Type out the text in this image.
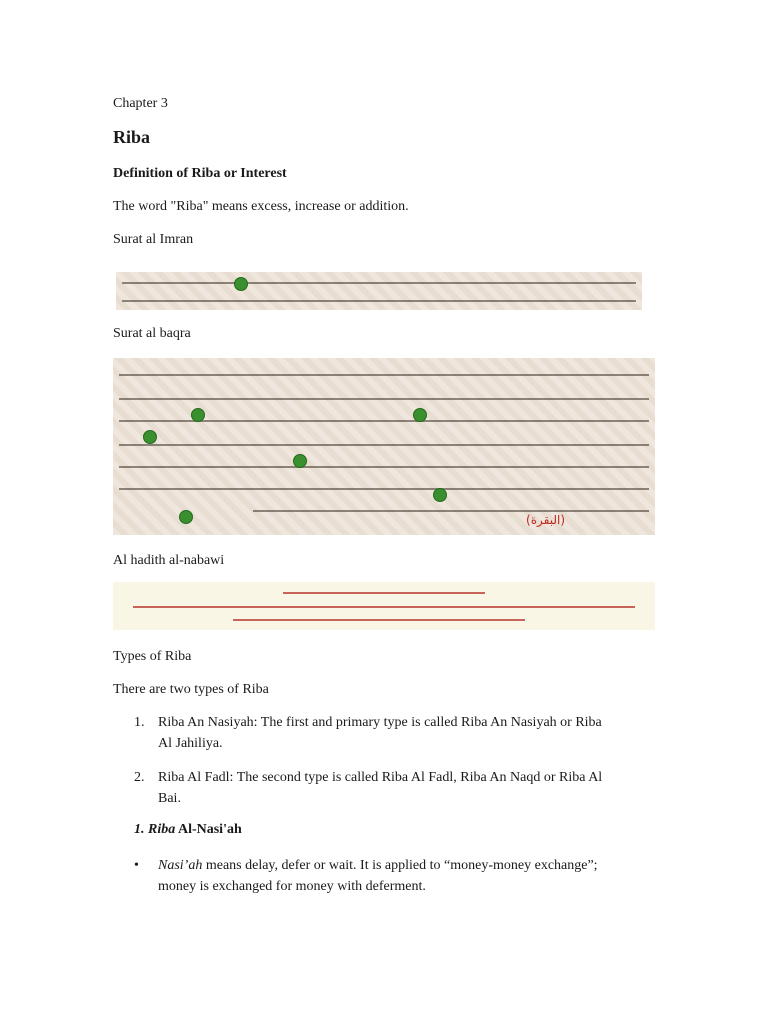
Chapter 3
Riba
Definition of Riba or Interest
The word "Riba" means excess, increase or addition.
Surat al Imran
Surat al baqra
(البقرة)
Al hadith al-nabawi
Types of Riba
There are two types of Riba
1. Riba An Nasiyah: The first and primary type is called Riba An Nasiyah or Riba
Al Jahiliya.
2. Riba Al Fadl: The second type is called Riba Al Fadl, Riba An Naqd or Riba Al
Bai.
1. Riba Al-Nasi'ah
•	Nasi’ah means delay, defer or wait. It is applied to “money-money exchange”;
money is exchanged for money with deferment.
